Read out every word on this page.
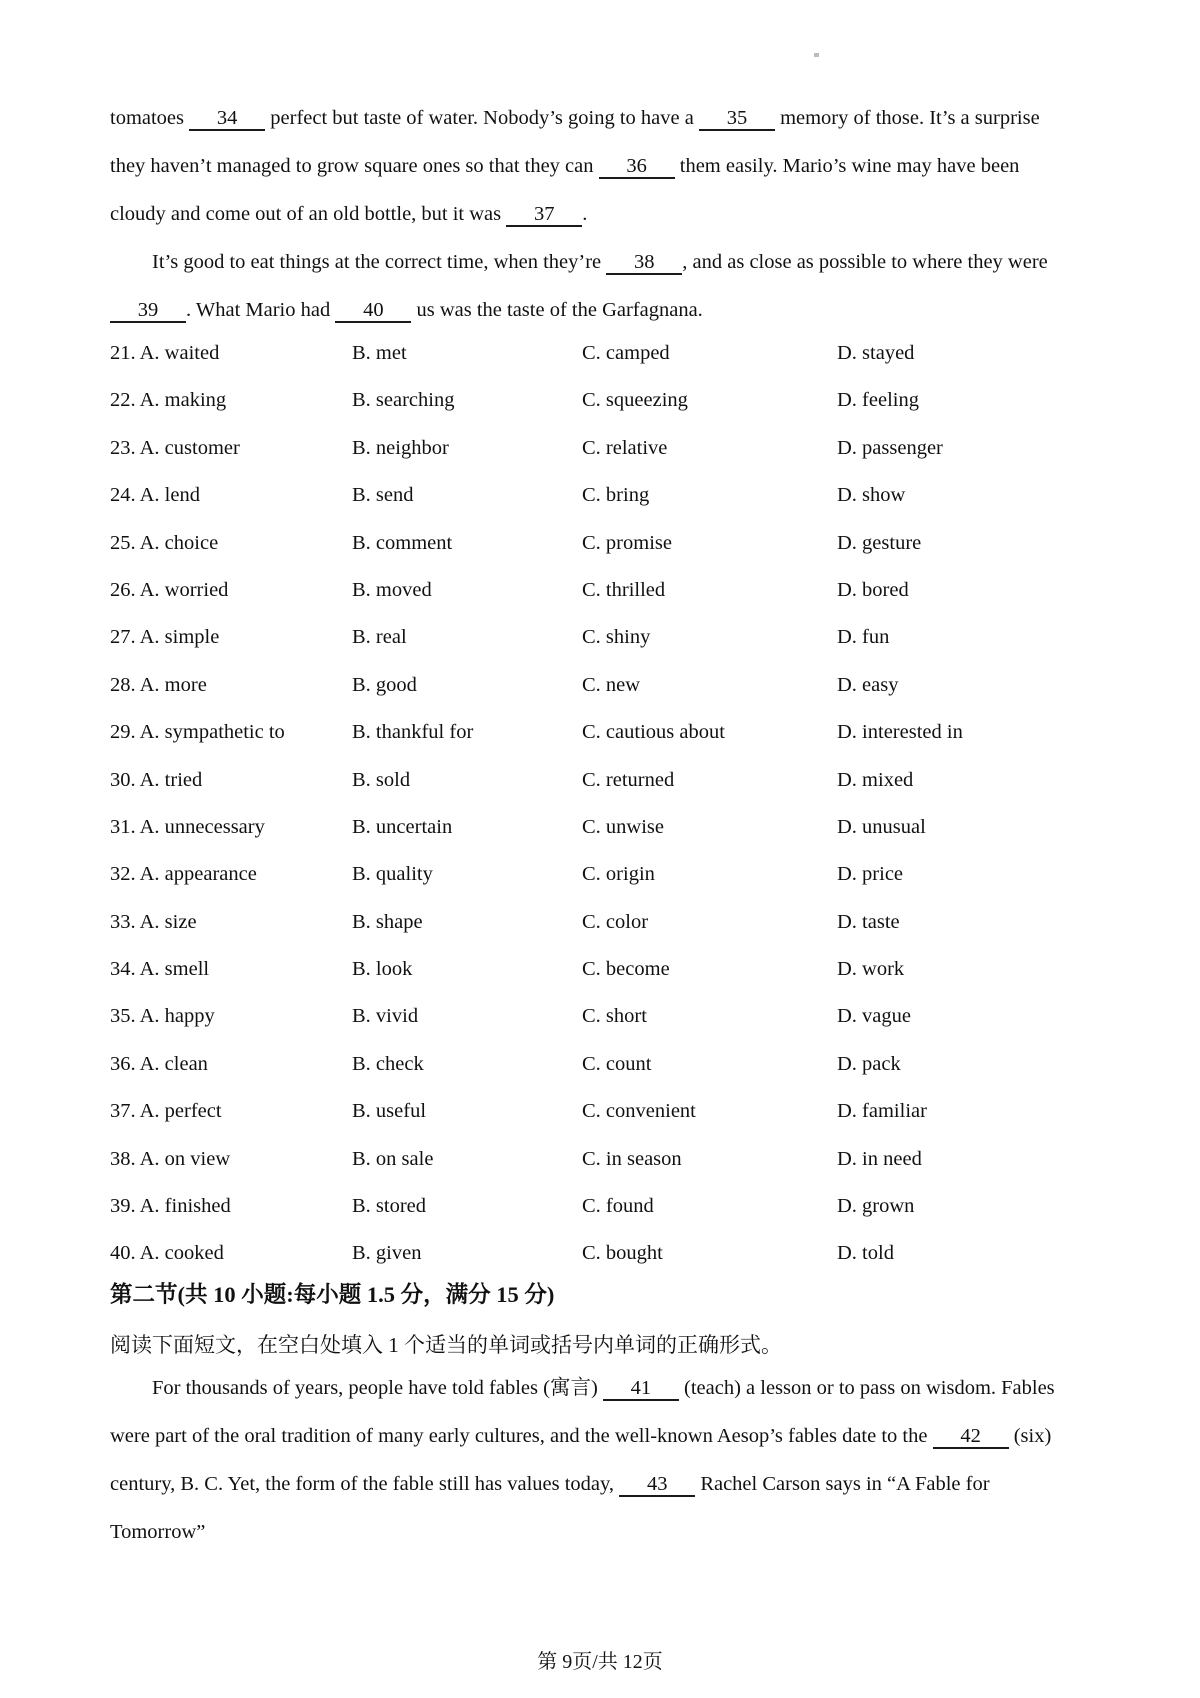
tomatoes 34 perfect but taste of water. Nobody’s going to have a 35 memory of those. It’s a surprise
they haven’t managed to grow square ones so that they can 36 them easily. Mario’s wine may have been
cloudy and come out of an old bottle, but it was 37 .
It’s good to eat things at the correct time, when they’re 38 , and as close as possible to where they were
39 . What Mario had 40 us was the taste of the Garfagnana.
21. A. waited	B. met	C. camped	D. stayed
22. A. making	B. searching	C. squeezing	D. feeling
23. A. customer	B. neighbor	C. relative	D. passenger
24. A. lend	B. send	C. bring	D. show
25. A. choice	B. comment	C. promise	D. gesture
26. A. worried	B. moved	C. thrilled	D. bored
27. A. simple	B. real	C. shiny	D. fun
28. A. more	B. good	C. new	D. easy
29. A. sympathetic to	B. thankful for	C. cautious about	D. interested in
30. A. tried	B. sold	C. returned	D. mixed
31. A. unnecessary	B. uncertain	C. unwise	D. unusual
32. A. appearance	B. quality	C. origin	D. price
33. A. size	B. shape	C. color	D. taste
34. A. smell	B. look	C. become	D. work
35. A. happy	B. vivid	C. short	D. vague
36. A. clean	B. check	C. count	D. pack
37. A. perfect	B. useful	C. convenient	D. familiar
38. A. on view	B. on sale	C. in season	D. in need
39. A. finished	B. stored	C. found	D. grown
40. A. cooked	B. given	C. bought	D. told
第二节(共 10 小题:每小题 1.5 分，满分 15 分)
阅读下面短文，在空白处填入 1 个适当的单词或括号内单词的正确形式。
For thousands of years, people have told fables (寓言) 41 (teach) a lesson or to pass on wisdom. Fables
were part of the oral tradition of many early cultures, and the well-known Aesop’s fables date to the 42 (six)
century, B. C. Yet, the form of the fable still has values today, 43 Rachel Carson says in “A Fable for
Tomorrow”
第 9页/共 12页
